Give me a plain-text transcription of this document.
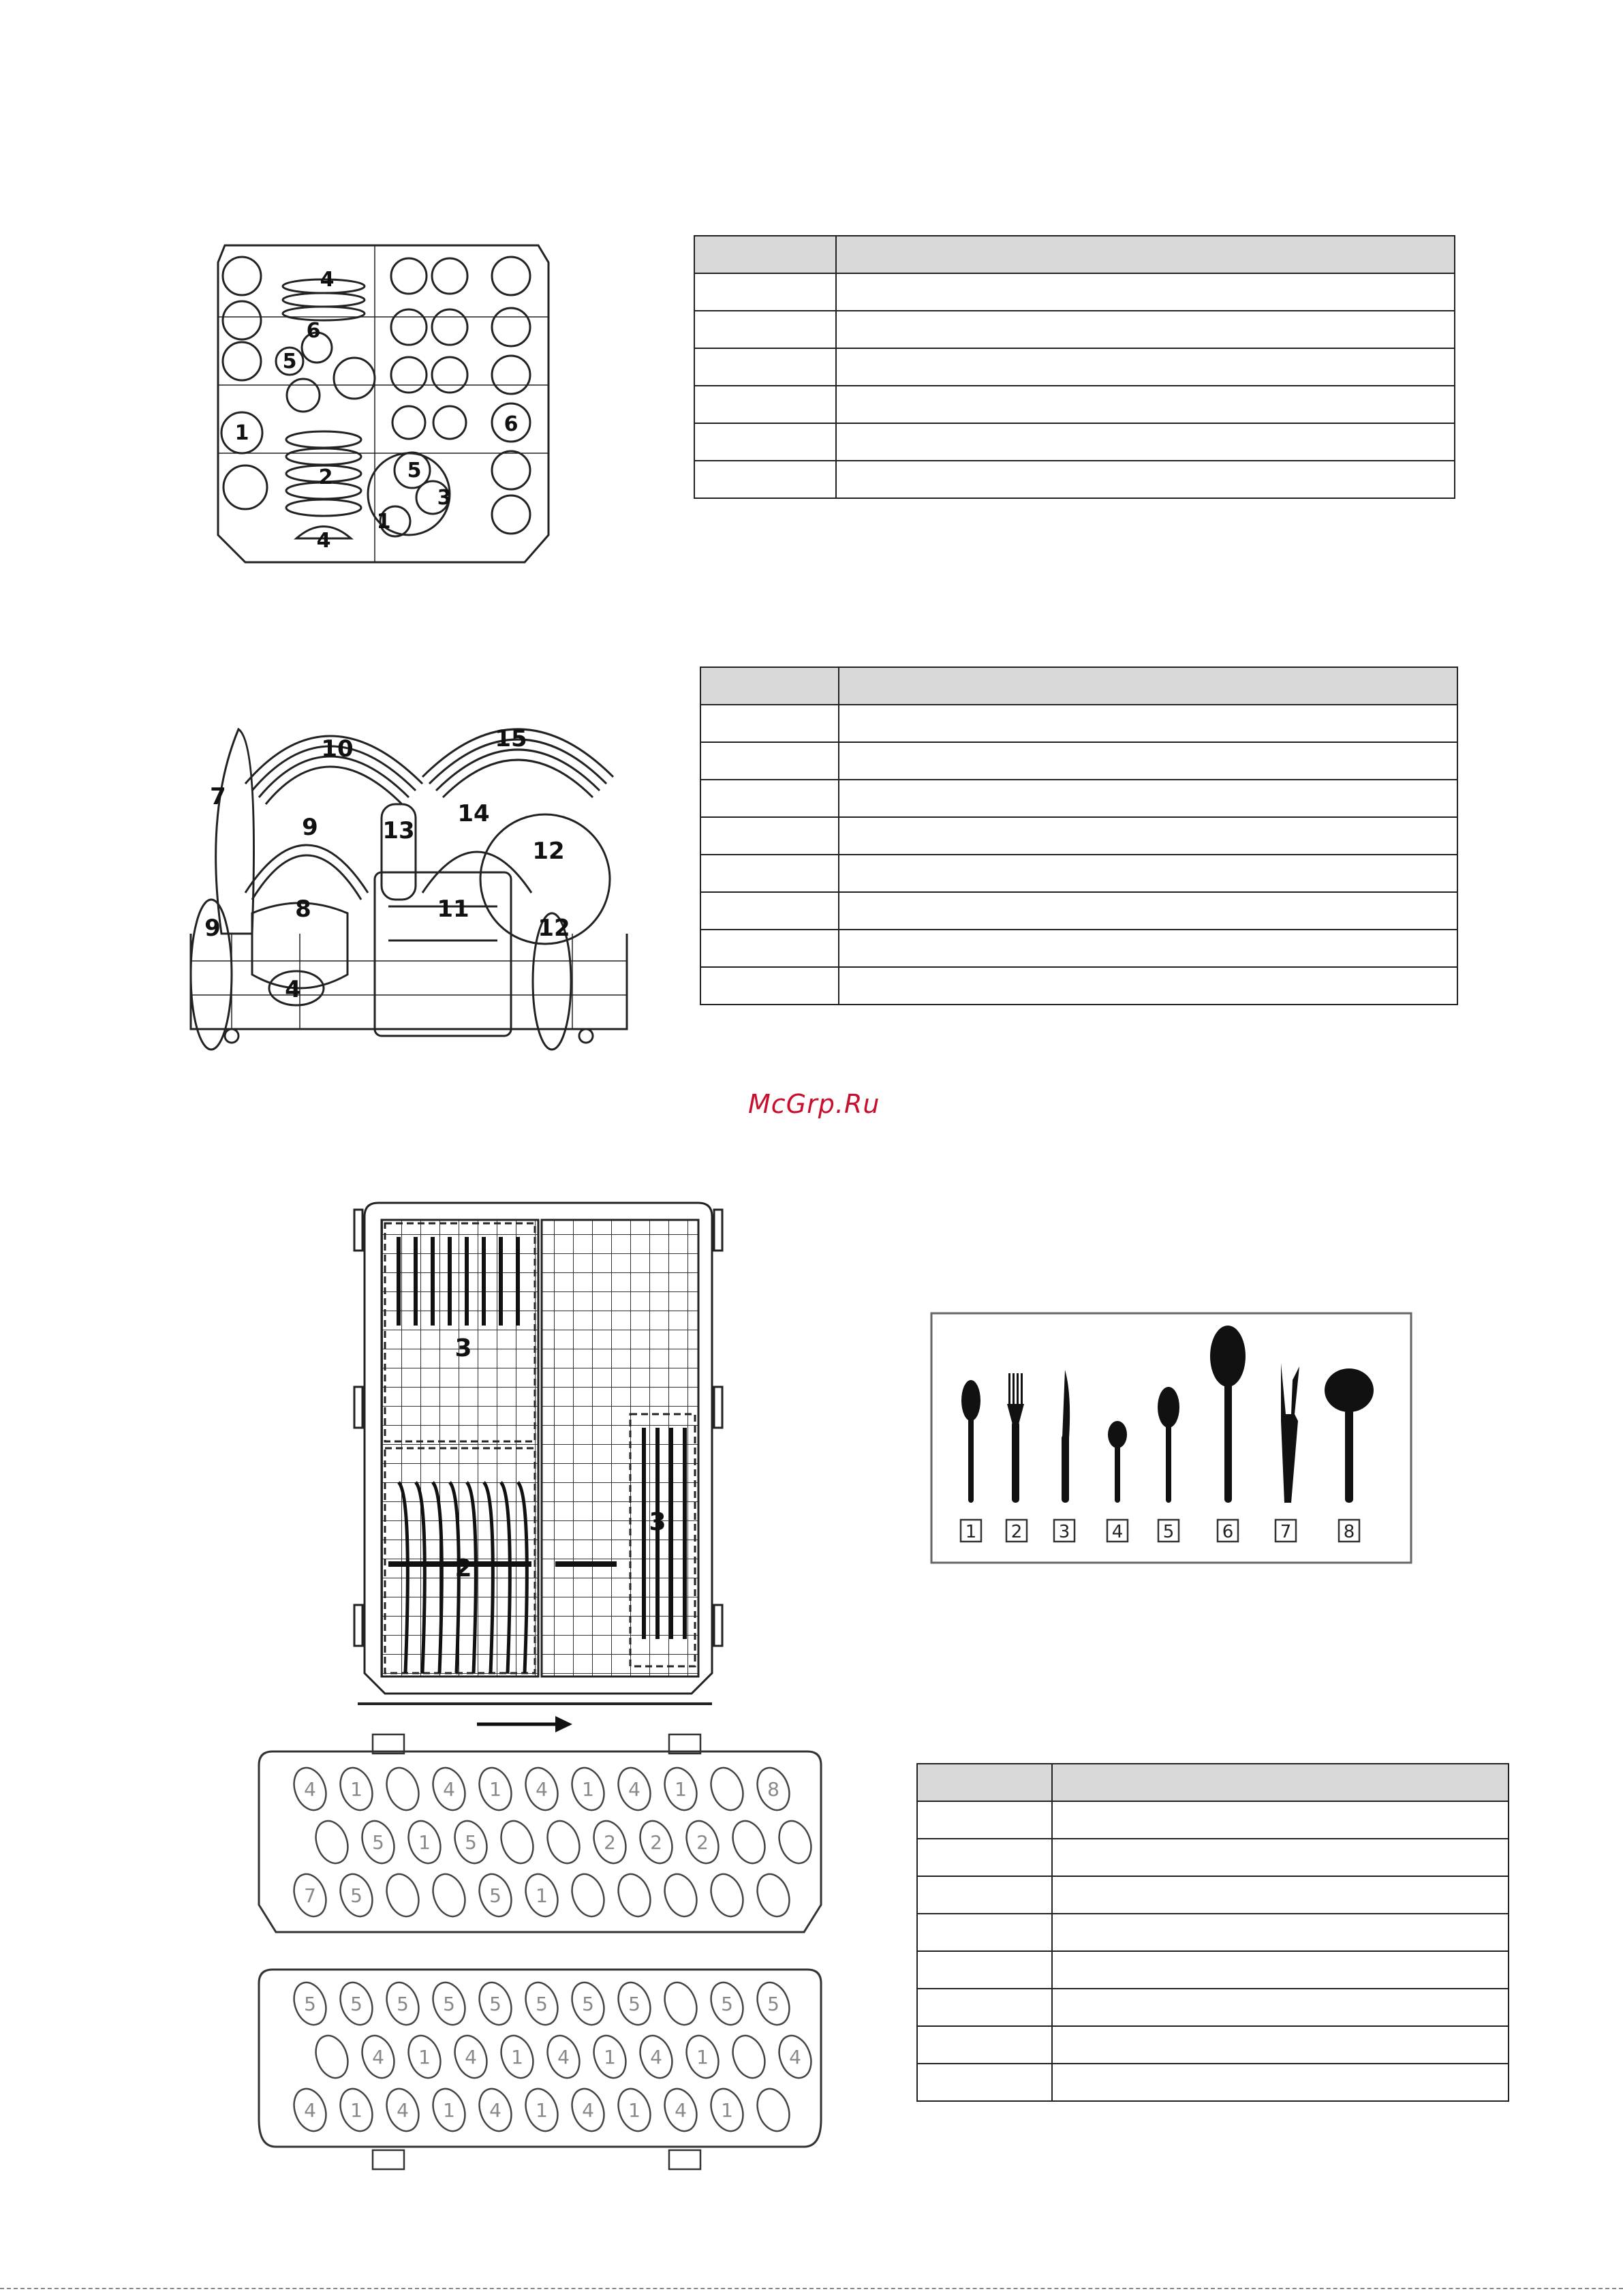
4
6
5
1
2	5
3
1
4
6

10	15
7
9	13
14
12
8	11
9	12
4

McGrp.Ru
3
3
2
1 2 3 4 5	6	7	8
4 1	4 1 4 1 4 1	8
5 1 5	2 2 2
7 5	5 1
5 5 5 5 5 5 5 5	5 5
4 1 4 1 4 1 4 1	4
4 1 4 1 4 1 4 1 4 1
